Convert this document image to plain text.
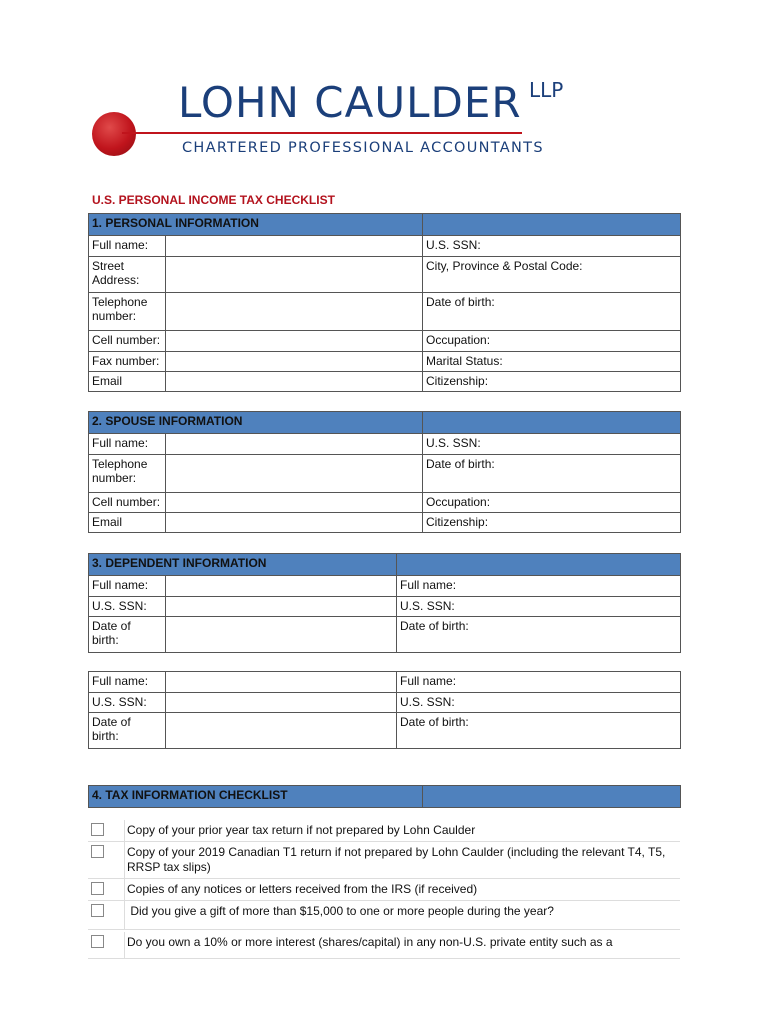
LOHN CAULDER LLP
CHARTERED PROFESSIONAL ACCOUNTANTS
U.S. PERSONAL INCOME TAX CHECKLIST
1. PERSONAL INFORMATION		
Full name:		U.S. SSN:
Street
Address:		City, Province & Postal Code:
Telephone
number:		Date of birth:
Cell number:		Occupation:
Fax number:		Marital Status:
Email		Citizenship:
2. SPOUSE INFORMATION		
Full name:		U.S. SSN:
Telephone
number:		Date of birth:
Cell number:		Occupation:
Email		Citizenship:
3. DEPENDENT INFORMATION		
Full name:		Full name:
U.S. SSN:		U.S. SSN:
Date of
birth:		Date of birth:
Full name:		Full name:
U.S. SSN:		U.S. SSN:
Date of
birth:		Date of birth:
4. TAX INFORMATION CHECKLIST	
Copy of your prior year tax return if not prepared by Lohn Caulder
Copy of your 2019 Canadian T1 return if not prepared by Lohn Caulder (including the relevant T4, T5, RRSP tax slips)
Copies of any notices or letters received from the IRS (if received)
Did you give a gift of more than $15,000 to one or more people during the year?
Do you own a 10% or more interest (shares/capital) in any non-U.S. private entity such as a
